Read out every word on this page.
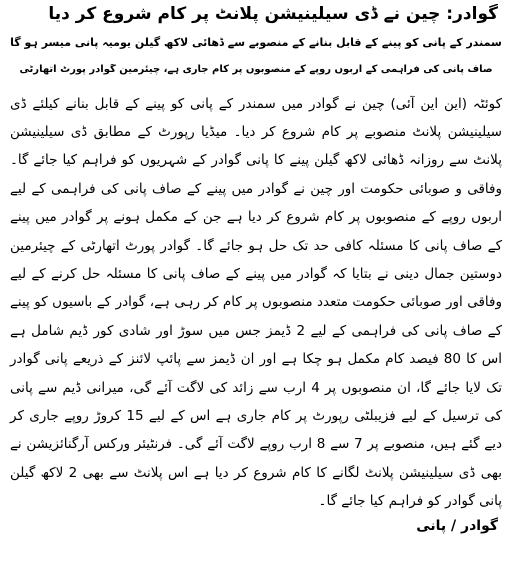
گوادر: چین نے ڈی سیلینیشن پلانٹ پر کام شروع کر دیا
سمندر کے پانی کو پینے کے قابل بنانے کے منصوبے سے ڈھائی لاکھ گیلن یومیہ پانی میسر ہو گا
صاف پانی کی فراہمی کے اربوں روپے کے منصوبوں پر کام جاری ہے، چیئرمین گوادر پورٹ اتھارٹی

کوئٹہ (این این آئی) چین نے گوادر میں سمندر کے پانی کو پینے کے قابل بنانے کیلئے ڈی سیلینیشن پلانٹ منصوبے پر کام شروع کر دیا۔ میڈیا رپورٹ کے مطابق ڈی سیلینیشن پلانٹ سے روزانہ ڈھائی لاکھ گیلن پینے کا پانی گوادر کے شہریوں کو فراہم کیا جائے گا۔ وفاقی و صوبائی حکومت اور چین نے گوادر میں پینے کے صاف پانی کی فراہمی کے لیے اربوں روپے کے منصوبوں پر کام شروع کر دیا ہے جن کے مکمل ہونے پر گوادر میں پینے کے صاف پانی کا مسئلہ کافی حد تک حل ہو جائے گا۔ گوادر پورٹ اتھارٹی کے چیئرمین دوستین جمال دینی نے بتایا کہ گوادر میں پینے کے صاف پانی کا مسئلہ حل کرنے کے لیے وفاقی اور صوبائی حکومت متعدد منصوبوں پر کام کر رہی ہے، گوادر کے باسیوں کو پینے کے صاف پانی کی فراہمی کے لیے 2 ڈیمز جس میں سوڑ اور شادی کور ڈیم شامل ہے اس کا 80 فیصد کام مکمل ہو چکا ہے اور ان ڈیمز سے پائپ لائنز کے ذریعے پانی گوادر تک لایا جائے گا، ان منصوبوں پر 4 ارب سے زائد کی لاگت آئے گی، میرانی ڈیم سے پانی کی ترسیل کے لیے فزیبلٹی رپورٹ پر کام جاری ہے اس کے لیے 15 کروڑ روپے جاری کر دیے گئے ہیں، منصوبے پر 7 سے 8 ارب روپے لاگت آئے گی۔ فرنٹیئر ورکس آرگنائزیشن نے بھی ڈی سیلینیشن پلانٹ لگانے کا کام شروع کر دیا ہے اس پلانٹ سے بھی 2 لاکھ گیلن پانی گوادر کو فراہم کیا جائے گا۔

گوادر / پانی
